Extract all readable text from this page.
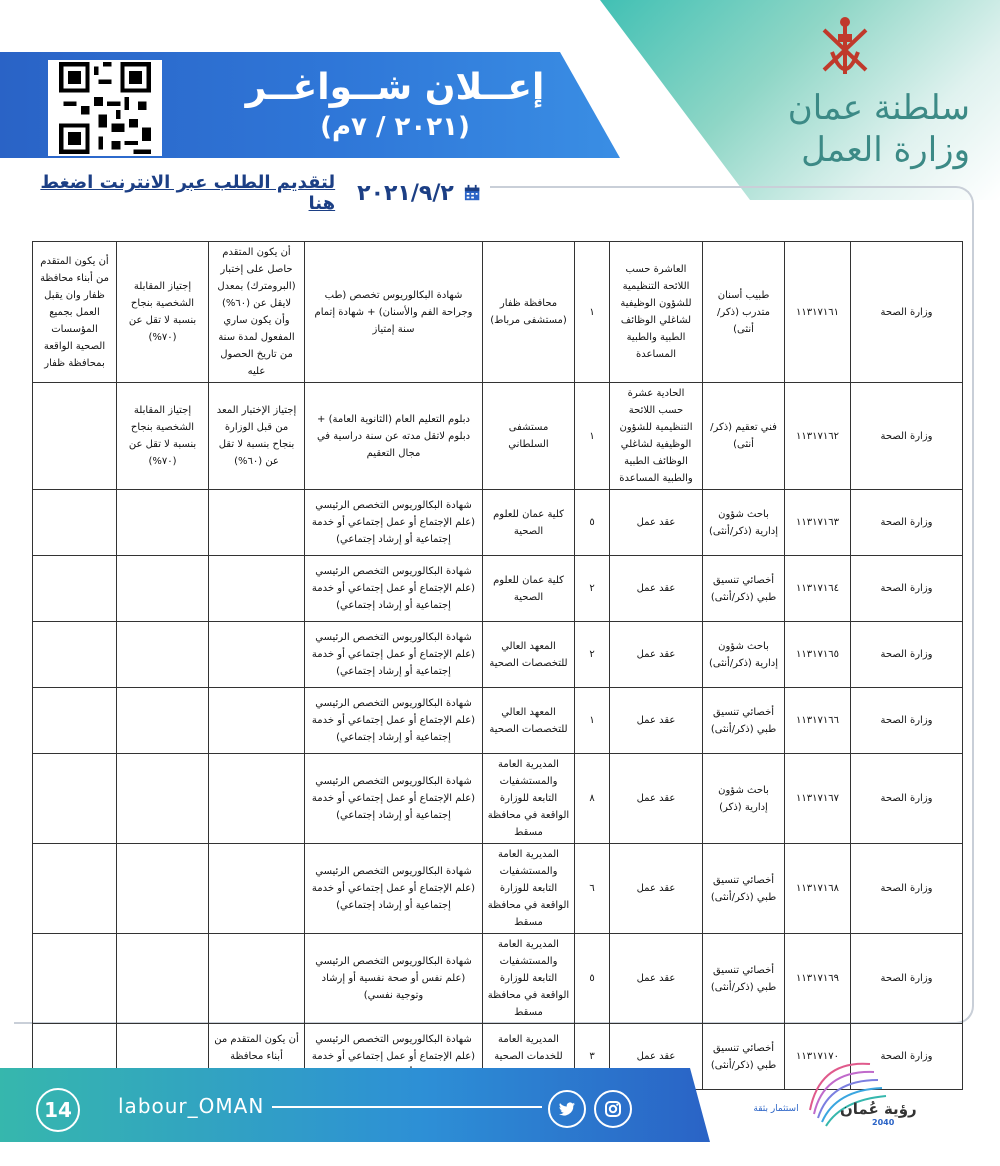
إعــلان شــواغــر
(٢٠٢١ / ٧م)	سلطنة عمان
وزارة العمل
٢٠٢١/٩/٢
لتقديم الطلب عبر الانترنت اضغط هنا
وزارة الصحة	١١٣١٧١٦١	طبيب أسنان متدرب (ذكر/أنثى)	العاشرة حسب اللائحة التنظيمية للشؤون الوظيفية لشاغلي الوظائف الطبية والطبية المساعدة	١	محافظة ظفار (مستشفى مرباط)	شهادة البكالوريوس تخصص (طب وجراحة الفم والأسنان) + شهادة إتمام سنة إمتياز	أن يكون المتقدم حاصل على إختبار (البرومترك) بمعدل لايقل عن (٦٠%) وأن يكون ساري المفعول لمدة سنة من تاريخ الحصول عليه	إجتياز المقابلة الشخصية بنجاح بنسبة لا تقل عن (٧٠%)	أن يكون المتقدم من أبناء محافظة ظفار وان يقبل العمل بجميع المؤسسات الصحية الواقعة بمحافظة ظفار
وزارة الصحة	١١٣١٧١٦٢	فني تعقيم (ذكر/ أنثى)	الحادية عشرة حسب اللائحة التنظيمية للشؤون الوظيفية لشاغلي الوظائف الطبية والطبية المساعدة	١	مستشفى السلطاني	دبلوم التعليم العام (الثانوية العامة) + دبلوم لاتقل مدته عن سنة دراسية في مجال التعقيم	إجتياز الإختبار المعد من قبل الوزارة بنجاح بنسبة لا تقل عن (٦٠%)	إجتياز المقابلة الشخصية بنجاح بنسبة لا تقل عن (٧٠%)	
وزارة الصحة	١١٣١٧١٦٣	باحث شؤون إدارية (ذكر/أنثى)	عقد عمل	٥	كلية عمان للعلوم الصحية	شهادة البكالوريوس التخصص الرئيسي (علم الإجتماع أو عمل إجتماعي أو خدمة إجتماعية أو إرشاد إجتماعي)			
وزارة الصحة	١١٣١٧١٦٤	أخصائي تنسيق طبي (ذكر/أنثى)	عقد عمل	٢	كلية عمان للعلوم الصحية	شهادة البكالوريوس التخصص الرئيسي (علم الإجتماع أو عمل إجتماعي أو خدمة إجتماعية أو إرشاد إجتماعي)			
وزارة الصحة	١١٣١٧١٦٥	باحث شؤون إدارية (ذكر/أنثى)	عقد عمل	٢	المعهد العالي للتخصصات الصحية	شهادة البكالوريوس التخصص الرئيسي (علم الإجتماع أو عمل إجتماعي أو خدمة إجتماعية أو إرشاد إجتماعي)			
وزارة الصحة	١١٣١٧١٦٦	أخصائي تنسيق طبي (ذكر/أنثى)	عقد عمل	١	المعهد العالي للتخصصات الصحية	شهادة البكالوريوس التخصص الرئيسي (علم الإجتماع أو عمل إجتماعي أو خدمة إجتماعية أو إرشاد إجتماعي)			
وزارة الصحة	١١٣١٧١٦٧	باحث شؤون إدارية (ذكر)	عقد عمل	٨	المديرية العامة والمستشفيات التابعة للوزارة الواقعة في محافظة مسقط	شهادة البكالوريوس التخصص الرئيسي (علم الإجتماع أو عمل إجتماعي أو خدمة إجتماعية أو إرشاد إجتماعي)			
وزارة الصحة	١١٣١٧١٦٨	أخصائي تنسيق طبي (ذكر/أنثى)	عقد عمل	٦	المديرية العامة والمستشفيات التابعة للوزارة الواقعة في محافظة مسقط	شهادة البكالوريوس التخصص الرئيسي (علم الإجتماع أو عمل إجتماعي أو خدمة إجتماعية أو إرشاد إجتماعي)			
وزارة الصحة	١١٣١٧١٦٩	أخصائي تنسيق طبي (ذكر/أنثى)	عقد عمل	٥	المديرية العامة والمستشفيات التابعة للوزارة الواقعة في محافظة مسقط	شهادة البكالوريوس التخصص الرئيسي (علم نفس أو صحة نفسية أو إرشاد وتوجية نفسي)			
وزارة الصحة	١١٣١٧١٧٠	أخصائي تنسيق طبي (ذكر/أنثى)	عقد عمل	٣	المديرية العامة للخدمات الصحية	شهادة البكالوريوس التخصص الرئيسي (علم الإجتماع أو عمل إجتماعي أو خدمة	أن يكون المتقدم من أبناء محافظة		
14	labour_OMAN	رؤية عُمان
2040
استثمار بثقة
